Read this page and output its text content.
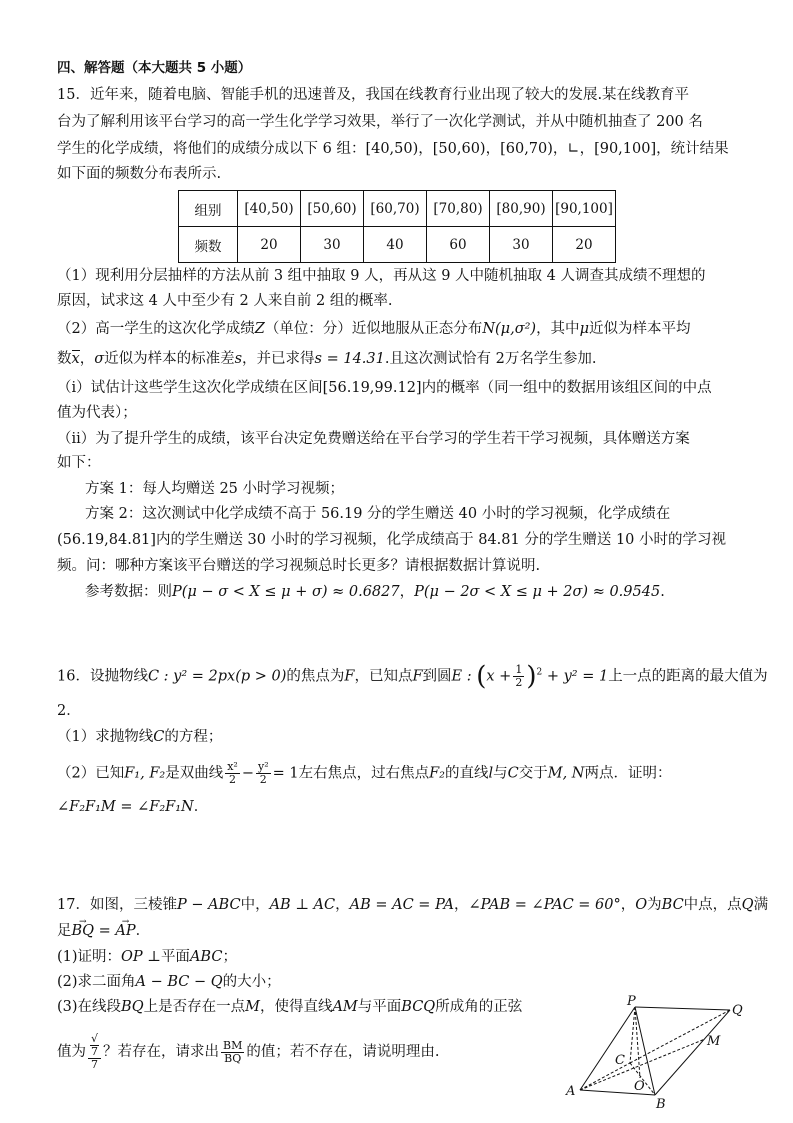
四、解答题（本大题共 5 小题）
15．近年来，随着电脑、智能手机的迅速普及，我国在线教育行业出现了较大的发展.某在线教育平
台为了解利用该平台学习的高一学生化学学习效果，举行了一次化学测试，并从中随机抽查了 200 名
学生的化学成绩，将他们的成绩分成以下 6 组：[40,50)，[50,60)，[60,70)，∟，[90,100]，统计结果
如下面的频数分布表所示.
组别	[40,50)	[50,60)	[60,70)	[70,80)	[80,90)	[90,100]
频数	20	30	40	60	30	20
（1）现利用分层抽样的方法从前 3 组中抽取 9 人，再从这 9 人中随机抽取 4 人调查其成绩不理想的
原因，试求这 4 人中至少有 2 人来自前 2 组的概率.
（2）高一学生的这次化学成绩Z（单位：分）近似地服从正态分布N(μ,σ²)，其中μ近似为样本平均
数x，σ近似为样本的标准差s，并已求得s = 14.31.且这次测试恰有 2万名学生参加.
（i）试估计这些学生这次化学成绩在区间[56.19,99.12]内的概率（同一组中的数据用该组区间的中点
值为代表）；
（ii）为了提升学生的成绩，该平台决定免费赠送给在平台学习的学生若干学习视频，具体赠送方案
如下：
方案 1：每人均赠送 25 小时学习视频；
方案 2：这次测试中化学成绩不高于 56.19 分的学生赠送 40 小时的学习视频，化学成绩在
(56.19,84.81]内的学生赠送 30 小时的学习视频，化学成绩高于 84.81 分的学生赠送 10 小时的学习视
频。问：哪种方案该平台赠送的学习视频总时长更多？请根据数据计算说明.
参考数据：则P(μ − σ < X ≤ μ + σ) ≈ 0.6827，P(μ − 2σ < X ≤ μ + 2σ) ≈ 0.9545.
16．设抛物线C : y² = 2px(p > 0)的焦点为F，已知点F到圆E : $(x + \frac{1}{2} )^2 + y^2 = 1$上一点的距离的最大值为
2．
（1）求抛物线C的方程；
（2）已知F₁, F₂是双曲线 $\frac{\text{x²}}{2} - \frac{\text{y²}}{2} = 1$左右焦点，过右焦点F₂的直线l与C交于M, N两点．证明：
∠F₂F₁M = ∠F₂F₁N．
17．如图，三棱锥P − ABC中，AB ⊥ AC，AB = AC = PA，∠PAB = ∠PAC = 60°，O为BC中点，点Q满
足→ BQ = → AP．
(1)证明：OP ⊥平面ABC；
(2)求二面角A − BC − Q的大小；
(3)在线段BQ上是否存在一点M，使得直线AM与平面BCQ所成角的正弦
值为 √
7
7 ？若存在，请求出 $\frac{BM}{BQ}$ 的值；若不存在，请说明理由.
P
Q
M
C
O
A
B
